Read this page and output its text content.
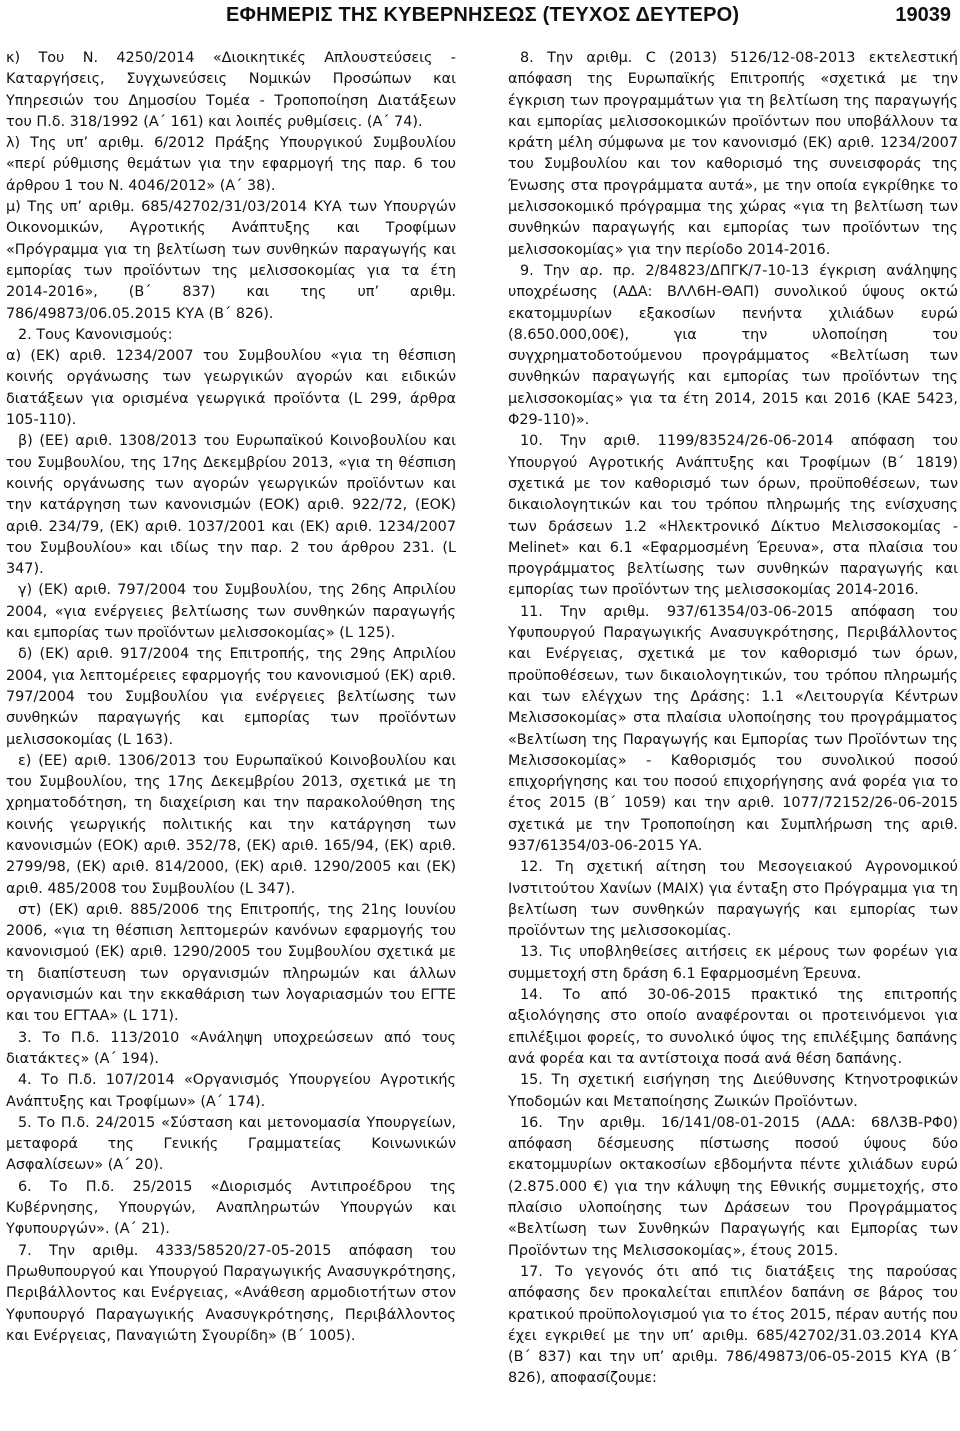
ΕΦΗΜΕΡΙΣ ΤΗΣ ΚΥΒΕΡΝΗΣΕΩΣ (ΤΕΥΧΟΣ ΔΕΥΤΕΡΟ)	19039

κ) Του Ν. 4250/2014 «Διοικητικές Απλουστεύσεις ‑ Καταργήσεις, Συγχωνεύσεις Νομικών Προσώπων και Υπηρεσιών του Δημοσίου Τομέα ‑ Τροποποίηση Διατάξεων του Π.δ. 318/1992 (Α΄ 161) και λοιπές ρυθμίσεις. (Α΄ 74).

λ) Της υπ’ αριθμ. 6/2012 Πράξης Υπουργικού Συμβουλίου «περί ρύθμισης θεμάτων για την εφαρμογή της παρ. 6 του άρθρου 1 του Ν. 4046/2012» (Α΄ 38).

μ) Της υπ’ αριθμ. 685/42702/31/03/2014 ΚΥΑ των Υπουργών Οικονομικών, Αγροτικής Ανάπτυξης και Τροφίμων «Πρόγραμμα για τη βελτίωση των συνθηκών παραγωγής και εμπορίας των προϊόντων της μελισσοκομίας για τα έτη 2014‑2016», (Β΄ 837) και της υπ’ αριθμ. 786/49873/06.05.2015 ΚΥΑ (Β΄ 826).

2. Τους Κανονισμούς:

α) (ΕΚ) αριθ. 1234/2007 του Συμβουλίου «για τη θέσπιση κοινής οργάνωσης των γεωργικών αγορών και ειδικών διατάξεων για ορισμένα γεωργικά προϊόντα (L 299, άρθρα 105‑110).

β) (ΕΕ) αριθ. 1308/2013 του Ευρωπαϊκού Κοινοβουλίου και του Συμβουλίου, της 17ης Δεκεμβρίου 2013, «για τη θέσπιση κοινής οργάνωσης των αγορών γεωργικών προϊόντων και την κατάργηση των κανονισμών (ΕΟΚ) αριθ. 922/72, (ΕΟΚ) αριθ. 234/79, (ΕΚ) αριθ. 1037/2001 και (ΕΚ) αριθ. 1234/2007 του Συμβουλίου» και ιδίως την παρ. 2 του άρθρου 231. (L 347).

γ) (ΕΚ) αριθ. 797/2004 του Συμβουλίου, της 26ης Απριλίου 2004, «για ενέργειες βελτίωσης των συνθηκών παραγωγής και εμπορίας των προϊόντων μελισσοκομίας» (L 125).

δ) (ΕΚ) αριθ. 917/2004 της Επιτροπής, της 29ης Απριλίου 2004, για λεπτομέρειες εφαρμογής του κανονισμού (ΕΚ) αριθ. 797/2004 του Συμβουλίου για ενέργειες βελτίωσης των συνθηκών παραγωγής και εμπορίας των προϊόντων μελισσοκομίας (L 163).

ε) (ΕΕ) αριθ. 1306/2013 του Ευρωπαϊκού Κοινοβουλίου και του Συμβουλίου, της 17ης Δεκεμβρίου 2013, σχετικά με τη χρηματοδότηση, τη διαχείριση και την παρακολούθηση της κοινής γεωργικής πολιτικής και την κατάργηση των κανονισμών (ΕΟΚ) αριθ. 352/78, (ΕΚ) αριθ. 165/94, (ΕΚ) αριθ. 2799/98, (ΕΚ) αριθ. 814/2000, (ΕΚ) αριθ. 1290/2005 και (ΕΚ) αριθ. 485/2008 του Συμβουλίου (L 347).

στ) (ΕΚ) αριθ. 885/2006 της Επιτροπής, της 21ης Ιουνίου 2006, «για τη θέσπιση λεπτομερών κανόνων εφαρμογής του κανονισμού (ΕΚ) αριθ. 1290/2005 του Συμβουλίου σχετικά με τη διαπίστευση των οργανισμών πληρωμών και άλλων οργανισμών και την εκκαθάριση των λογαριασμών του ΕΓΤΕ και του ΕΓΤΑΑ» (L 171).

3. Το Π.δ. 113/2010 «Ανάληψη υποχρεώσεων από τους διατάκτες» (Α΄ 194).

4. Το Π.δ. 107/2014 «Οργανισμός Υπουργείου Αγροτικής Ανάπτυξης και Τροφίμων» (Α΄ 174).

5. Το Π.δ. 24/2015 «Σύσταση και μετονομασία Υπουργείων, μεταφορά της Γενικής Γραμματείας Κοινωνικών Ασφαλίσεων» (Α΄ 20).

6. Το Π.δ. 25/2015 «Διορισμός Αντιπροέδρου της Κυβέρνησης, Υπουργών, Αναπληρωτών Υπουργών και Υφυπουργών». (Α΄ 21).

7. Την αριθμ. 4333/58520/27‑05‑2015 απόφαση του Πρωθυπουργού και Υπουργού Παραγωγικής Ανασυγκρότησης, Περιβάλλοντος και Ενέργειας, «Ανάθεση αρμοδιοτήτων στον Υφυπουργό Παραγωγικής Ανασυγκρότησης, Περιβάλλοντος και Ενέργειας, Παναγιώτη Σγουρίδη» (Β΄ 1005).

8. Την αριθμ. C (2013) 5126/12‑08‑2013 εκτελεστική απόφαση της Ευρωπαϊκής Επιτροπής «σχετικά με την έγκριση των προγραμμάτων για τη βελτίωση της παραγωγής και εμπορίας μελισσοκομικών προϊόντων που υποβάλλουν τα κράτη μέλη σύμφωνα με τον κανονισμό (ΕΚ) αριθ. 1234/2007 του Συμβουλίου και τον καθορισμό της συνεισφοράς της Ένωσης στα προγράμματα αυτά», με την οποία εγκρίθηκε το μελισσοκομικό πρόγραμμα της χώρας «για τη βελτίωση των συνθηκών παραγωγής και εμπορίας των προϊόντων της μελισσοκομίας» για την περίοδο 2014‑2016.

9. Την αρ. πρ. 2/84823/ΔΠΓΚ/7‑10‑13 έγκριση ανάληψης υποχρέωσης (ΑΔΑ: ΒΛΛ6Η‑ΘΑΠ) συνολικού ύψους οκτώ εκατομμυρίων εξακοσίων πενήντα χιλιάδων ευρώ (8.650.000,00€), για την υλοποίηση του συγχρηματοδοτούμενου προγράμματος «Βελτίωση των συνθηκών παραγωγής και εμπορίας των προϊόντων της μελισσοκομίας» για τα έτη 2014, 2015 και 2016 (ΚΑΕ 5423, Φ29‑110)».

10. Την αριθ. 1199/83524/26‑06‑2014 απόφαση του Υπουργού Αγροτικής Ανάπτυξης και Τροφίμων (Β΄ 1819) σχετικά με τον καθορισμό των όρων, προϋποθέσεων, των δικαιολογητικών και του τρόπου πληρωμής της ενίσχυσης των δράσεων 1.2 «Ηλεκτρονικό Δίκτυο Μελισσοκομίας ‑ Melinet» και 6.1 «Εφαρμοσμένη Έρευνα», στα πλαίσια του προγράμματος βελτίωσης των συνθηκών παραγωγής και εμπορίας των προϊόντων της μελισσοκομίας 2014‑2016.

11. Την αριθμ. 937/61354/03‑06‑2015 απόφαση του Υφυπουργού Παραγωγικής Ανασυγκρότησης, Περιβάλλοντος και Ενέργειας, σχετικά με τον καθορισμό των όρων, προϋποθέσεων, των δικαιολογητικών, του τρόπου πληρωμής και των ελέγχων της Δράσης: 1.1 «Λειτουργία Κέντρων Μελισσοκομίας» στα πλαίσια υλοποίησης του προγράμματος «Βελτίωση της Παραγωγής και Εμπορίας των Προϊόντων της Μελισσοκομίας» ‑ Καθορισμός του συνολικού ποσού επιχορήγησης και του ποσού επιχορήγησης ανά φορέα για το έτος 2015 (Β΄ 1059) και την αριθ. 1077/72152/26‑06‑2015 σχετικά με την Τροποποίηση και Συμπλήρωση της αριθ. 937/61354/03‑06‑2015 ΥΑ.

12. Τη σχετική αίτηση του Μεσογειακού Αγρονομικού Ινστιτούτου Χανίων (ΜΑΙΧ) για ένταξη στο Πρόγραμμα για τη βελτίωση των συνθηκών παραγωγής και εμπορίας των προϊόντων της μελισσοκομίας.

13. Τις υποβληθείσες αιτήσεις εκ μέρους των φορέων για συμμετοχή στη δράση 6.1 Εφαρμοσμένη Έρευνα.

14. Το από 30‑06‑2015 πρακτικό της επιτροπής αξιολόγησης στο οποίο αναφέρονται οι προτεινόμενοι για επιλέξιμοι φορείς, το συνολικό ύψος της επιλέξιμης δαπάνης ανά φορέα και τα αντίστοιχα ποσά ανά θέση δαπάνης.

15. Τη σχετική εισήγηση της Διεύθυνσης Κτηνοτροφικών Υποδομών και Μεταποίησης Ζωικών Προϊόντων.

16. Την αριθμ. 16/141/08‑01‑2015 (ΑΔΑ: 68Λ3Β‑ΡΦ0) απόφαση δέσμευσης πίστωσης ποσού ύψους δύο εκατομμυρίων οκτακοσίων εβδομήντα πέντε χιλιάδων ευρώ (2.875.000 €) για την κάλυψη της Εθνικής συμμετοχής, στο πλαίσιο υλοποίησης των Δράσεων του Προγράμματος «Βελτίωση των Συνθηκών Παραγωγής και Εμπορίας των Προϊόντων της Μελισσοκομίας», έτους 2015.

17. Το γεγονός ότι από τις διατάξεις της παρούσας απόφασης δεν προκαλείται επιπλέον δαπάνη σε βάρος του κρατικού προϋπολογισμού για το έτος 2015, πέραν αυτής που έχει εγκριθεί με την υπ’ αριθμ. 685/42702/31.03.2014 ΚΥΑ (Β΄ 837) και την υπ’ αριθμ. 786/49873/06‑05‑2015 ΚΥΑ (Β΄ 826), αποφασίζουμε:
